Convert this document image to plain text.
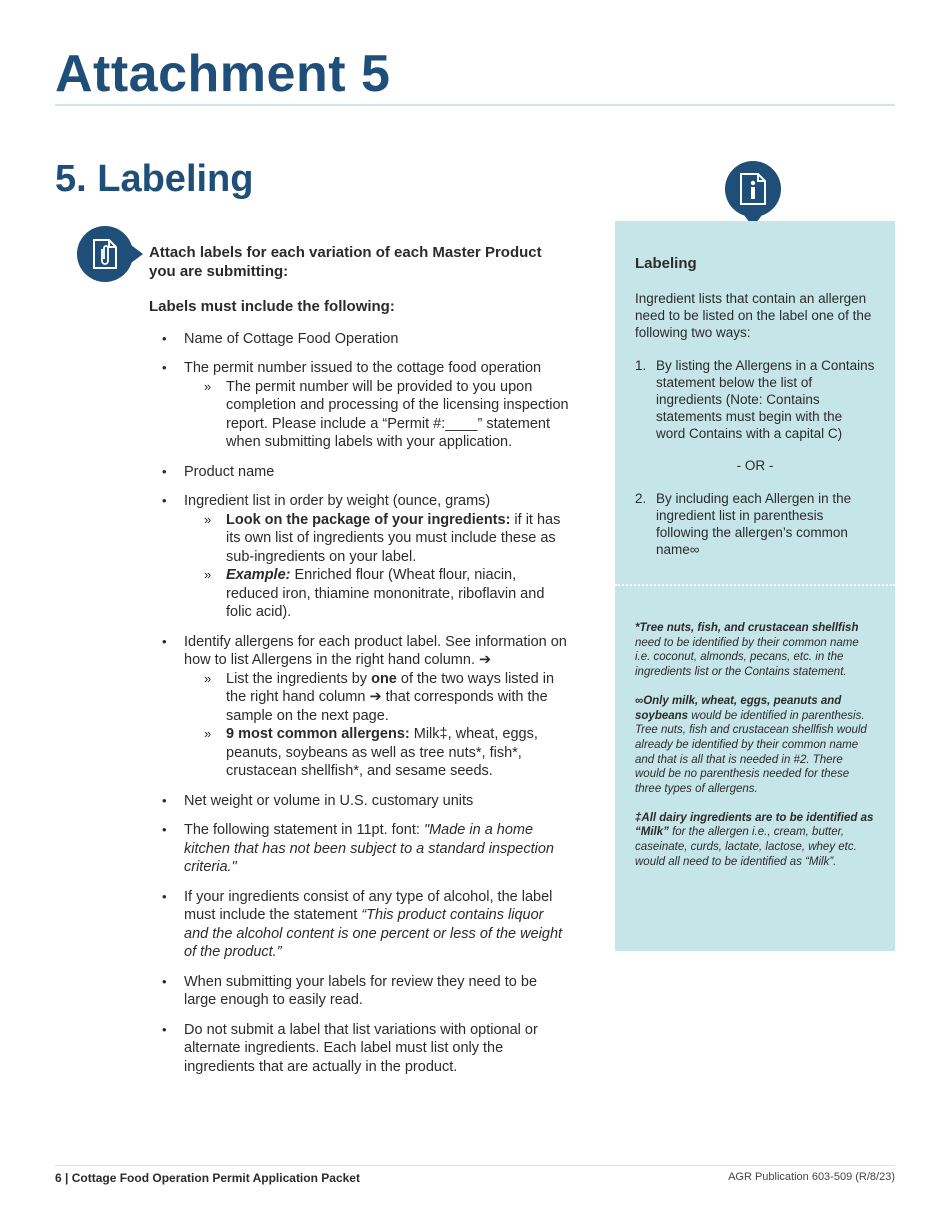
Attachment 5
5. Labeling

Attach labels for each variation of each Master Product you are submitting:

Labels must include the following:

• Name of Cottage Food Operation
• The permit number issued to the cottage food operation
» The permit number will be provided to you upon completion and processing of the licensing inspection report. Please include a “Permit #:____” statement when submitting labels with your application.
• Product name
• Ingredient list in order by weight (ounce, grams)
» Look on the package of your ingredients: if it has its own list of ingredients you must include these as sub-ingredients on your label.
» Example: Enriched flour (Wheat flour, niacin, reduced iron, thiamine mononitrate, riboflavin and folic acid).
• Identify allergens for each product label. See information on how to list Allergens in the right hand column. ➔
» List the ingredients by one of the two ways listed in the right hand column ➔ that corresponds with the sample on the next page.
» 9 most common allergens: Milk‡, wheat, eggs, peanuts, soybeans as well as tree nuts*, fish*, crustacean shellfish*, and sesame seeds.
• Net weight or volume in U.S. customary units
• The following statement in 11pt. font: "Made in a home kitchen that has not been subject to a standard inspection criteria."
• If your ingredients consist of any type of alcohol, the label must include the statement “This product contains liquor and the alcohol content is one percent or less of the weight of the product.”
• When submitting your labels for review they need to be large enough to easily read.
• Do not submit a label that list variations with optional or alternate ingredients. Each label must list only the ingredients that are actually in the product.

Labeling

Ingredient lists that contain an allergen need to be listed on the label one of the following two ways:

1. By listing the Allergens in a Contains statement below the list of ingredients (Note: Contains statements must begin with the word Contains with a capital C)
- OR -
2. By including each Allergen in the ingredient list in parenthesis following the allergen’s common name∞

*Tree nuts, fish, and crustacean shellfish need to be identified by their common name i.e. coconut, almonds, pecans, etc. in the ingredients list or the Contains statement.

∞Only milk, wheat, eggs, peanuts and soybeans would be identified in parenthesis. Tree nuts, fish and crustacean shellfish would already be identified by their common name and that is all that is needed in #2. There would be no parenthesis needed for these three types of allergens.

‡All dairy ingredients are to be identified as “Milk” for the allergen i.e., cream, butter, caseinate, curds, lactate, lactose, whey etc. would all need to be identified as “Milk”.

6 | Cottage Food Operation Permit Application Packet	AGR Publication 603-509 (R/8/23)
